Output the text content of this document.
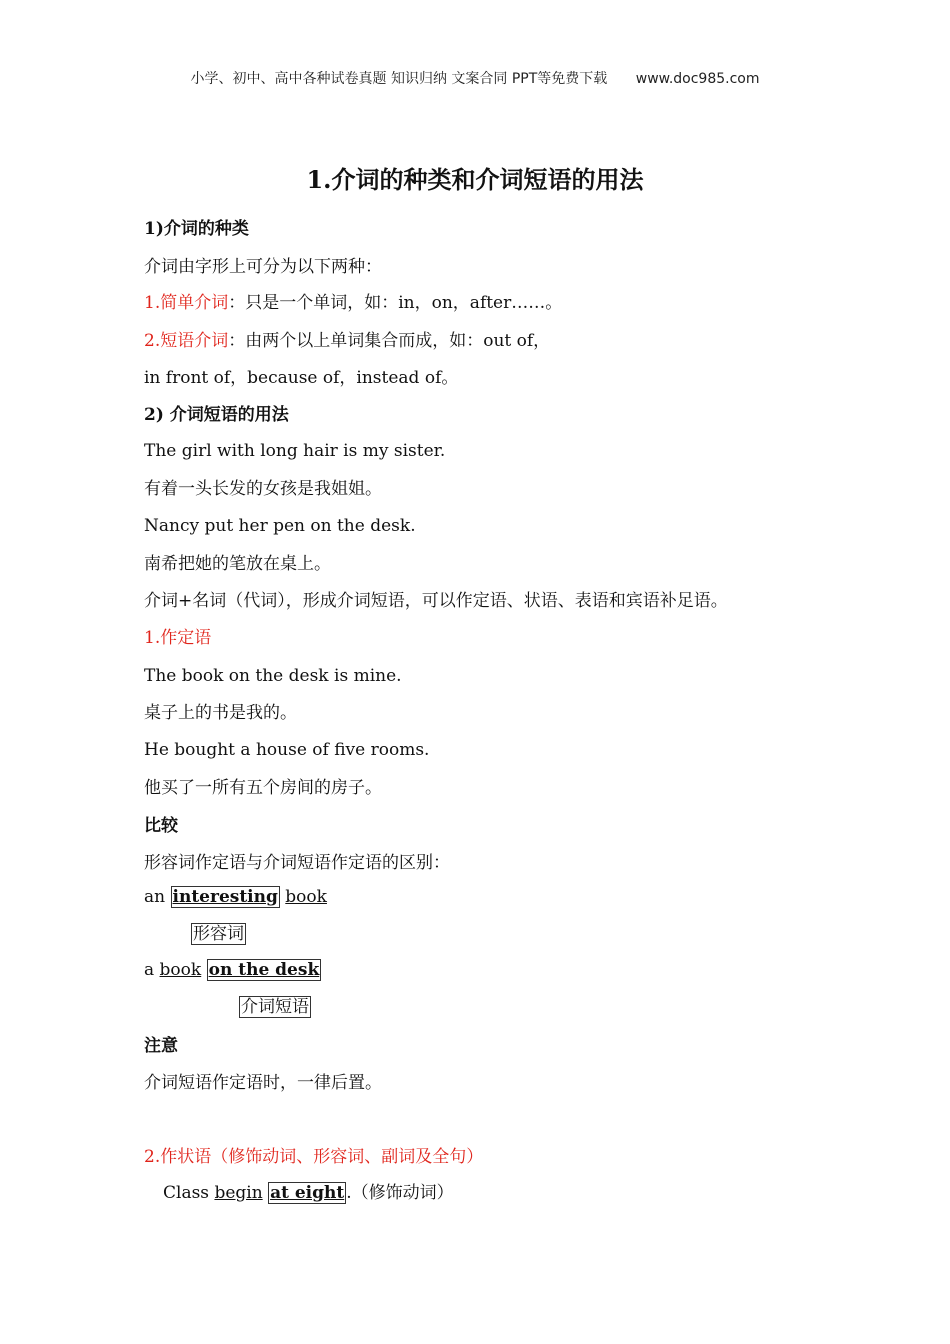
小学、初中、高中各种试卷真题 知识归纳 文案合同 PPT等免费下载 www.doc985.com
1.介词的种类和介词短语的用法
1)介词的种类
介词由字形上可分为以下两种：
1.简单介词：只是一个单词，如：in，on，after……。
2.短语介词：由两个以上单词集合而成，如：out of，
in front of，because of，instead of。
2) 介词短语的用法
The girl with long hair is my sister.
有着一头长发的女孩是我姐姐。
Nancy put her pen on the desk.
南希把她的笔放在桌上。
介词+名词（代词），形成介词短语，可以作定语、状语、表语和宾语补足语。
1.作定语
The book on the desk is mine.
桌子上的书是我的。
He bought a house of five rooms.
他买了一所有五个房间的房子。
比较
形容词作定语与介词短语作定语的区别：
an interesting book
形容词
a book on the desk
介词短语
注意
介词短语作定语时，一律后置。
2.作状语（修饰动词、形容词、副词及全句）
Class begin at eight .（修饰动词）
